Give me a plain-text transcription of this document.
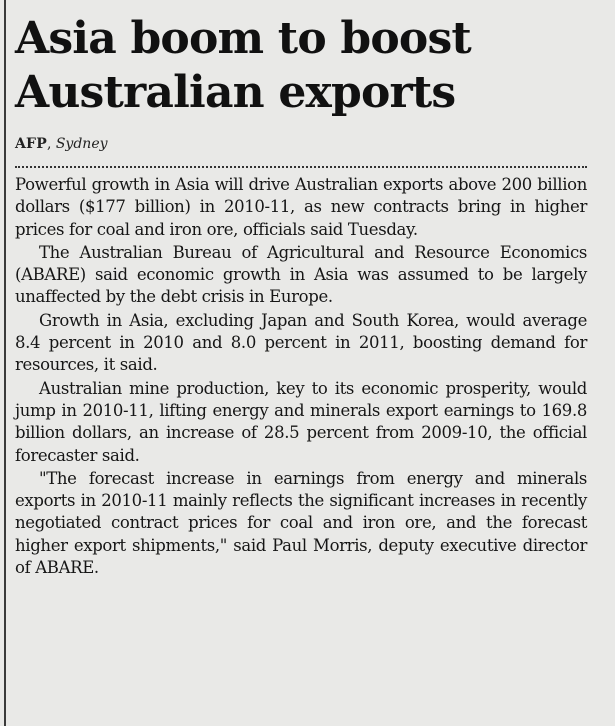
Asia boom to boost
Australian exports
AFP, Sydney

Powerful growth in Asia will drive Australian exports above 200 billion dollars ($177 billion) in 2010-11, as new contracts bring in higher prices for coal and iron ore, officials said Tuesday.

The Australian Bureau of Agricultural and Resource Economics (ABARE) said economic growth in Asia was assumed to be largely unaffected by the debt crisis in Europe.

Growth in Asia, excluding Japan and South Korea, would average 8.4 percent in 2010 and 8.0 percent in 2011, boosting demand for resources, it said.

Australian mine production, key to its economic prosperity, would jump in 2010-11, lifting energy and minerals export earnings to 169.8 billion dollars, an increase of 28.5 percent from 2009-10, the official forecaster said.

"The forecast increase in earnings from energy and minerals exports in 2010-11 mainly reflects the significant increases in recently negotiated contract prices for coal and iron ore, and the forecast higher export shipments," said Paul Morris, deputy executive director of ABARE.
